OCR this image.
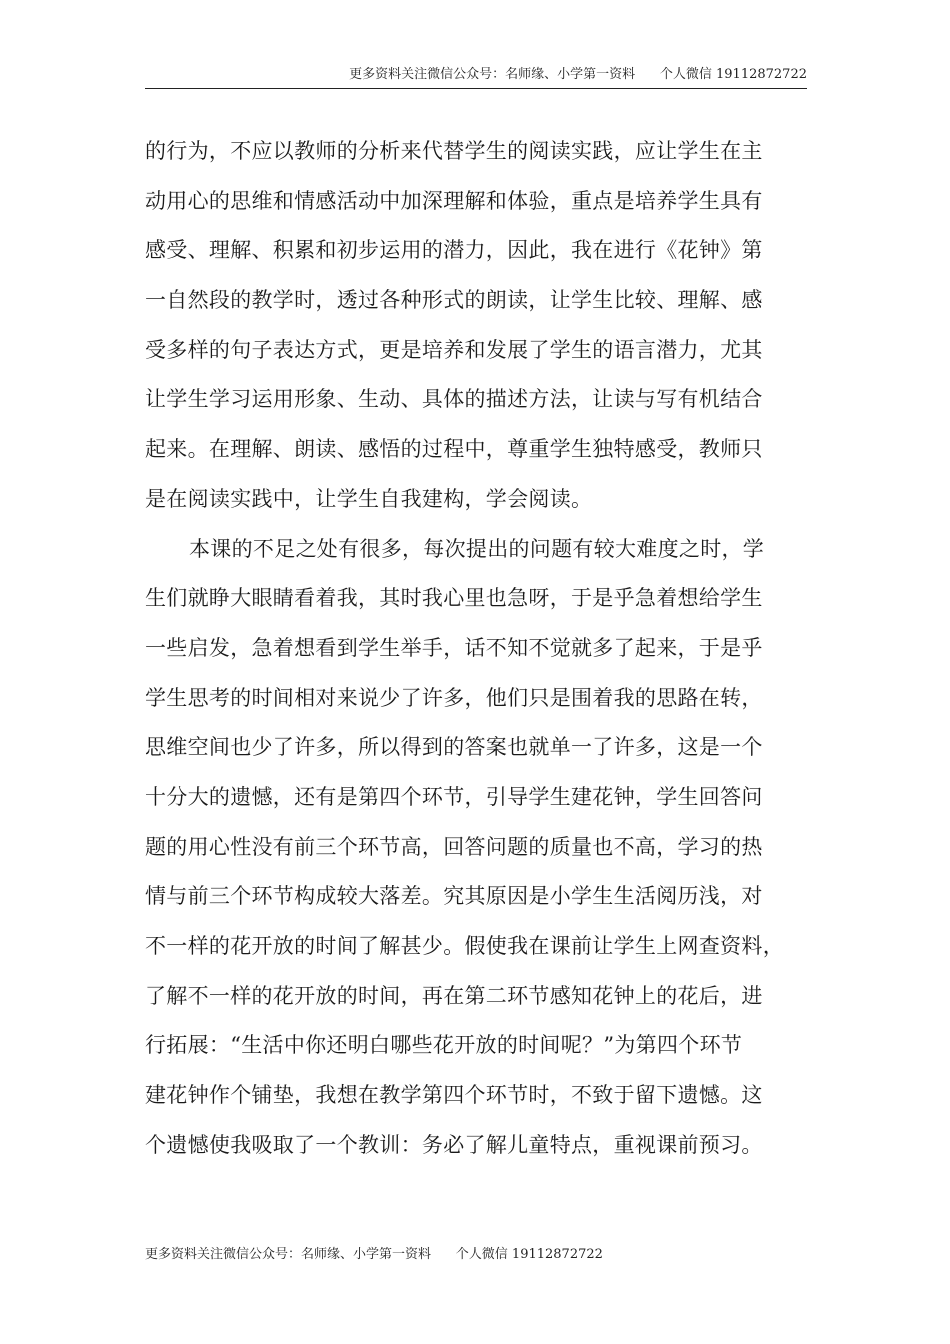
更多资料关注微信公众号：名师缘、小学第一资料      个人微信 19112872722
的行为，不应以教师的分析来代替学生的阅读实践，应让学生在主
动用心的思维和情感活动中加深理解和体验，重点是培养学生具有
感受、理解、积累和初步运用的潜力，因此，我在进行《花钟》第
一自然段的教学时，透过各种形式的朗读，让学生比较、理解、感
受多样的句子表达方式，更是培养和发展了学生的语言潜力，尤其
让学生学习运用形象、生动、具体的描述方法，让读与写有机结合
起来。在理解、朗读、感悟的过程中，尊重学生独特感受，教师只
是在阅读实践中，让学生自我建构，学会阅读。
本课的不足之处有很多，每次提出的问题有较大难度之时，学
生们就睁大眼睛看着我，其时我心里也急呀，于是乎急着想给学生
一些启发，急着想看到学生举手，话不知不觉就多了起来，于是乎
学生思考的时间相对来说少了许多，他们只是围着我的思路在转，
思维空间也少了许多，所以得到的答案也就单一了许多，这是一个
十分大的遗憾，还有是第四个环节，引导学生建花钟，学生回答问
题的用心性没有前三个环节高，回答问题的质量也不高，学习的热
情与前三个环节构成较大落差。究其原因是小学生生活阅历浅，对
不一样的花开放的时间了解甚少。假使我在课前让学生上网查资料，
了解不一样的花开放的时间，再在第二环节感知花钟上的花后，进
行拓展：“生活中你还明白哪些花开放的时间呢？”为第四个环节
建花钟作个铺垫，我想在教学第四个环节时，不致于留下遗憾。这
个遗憾使我吸取了一个教训：务必了解儿童特点，重视课前预习。
更多资料关注微信公众号：名师缘、小学第一资料      个人微信 19112872722
